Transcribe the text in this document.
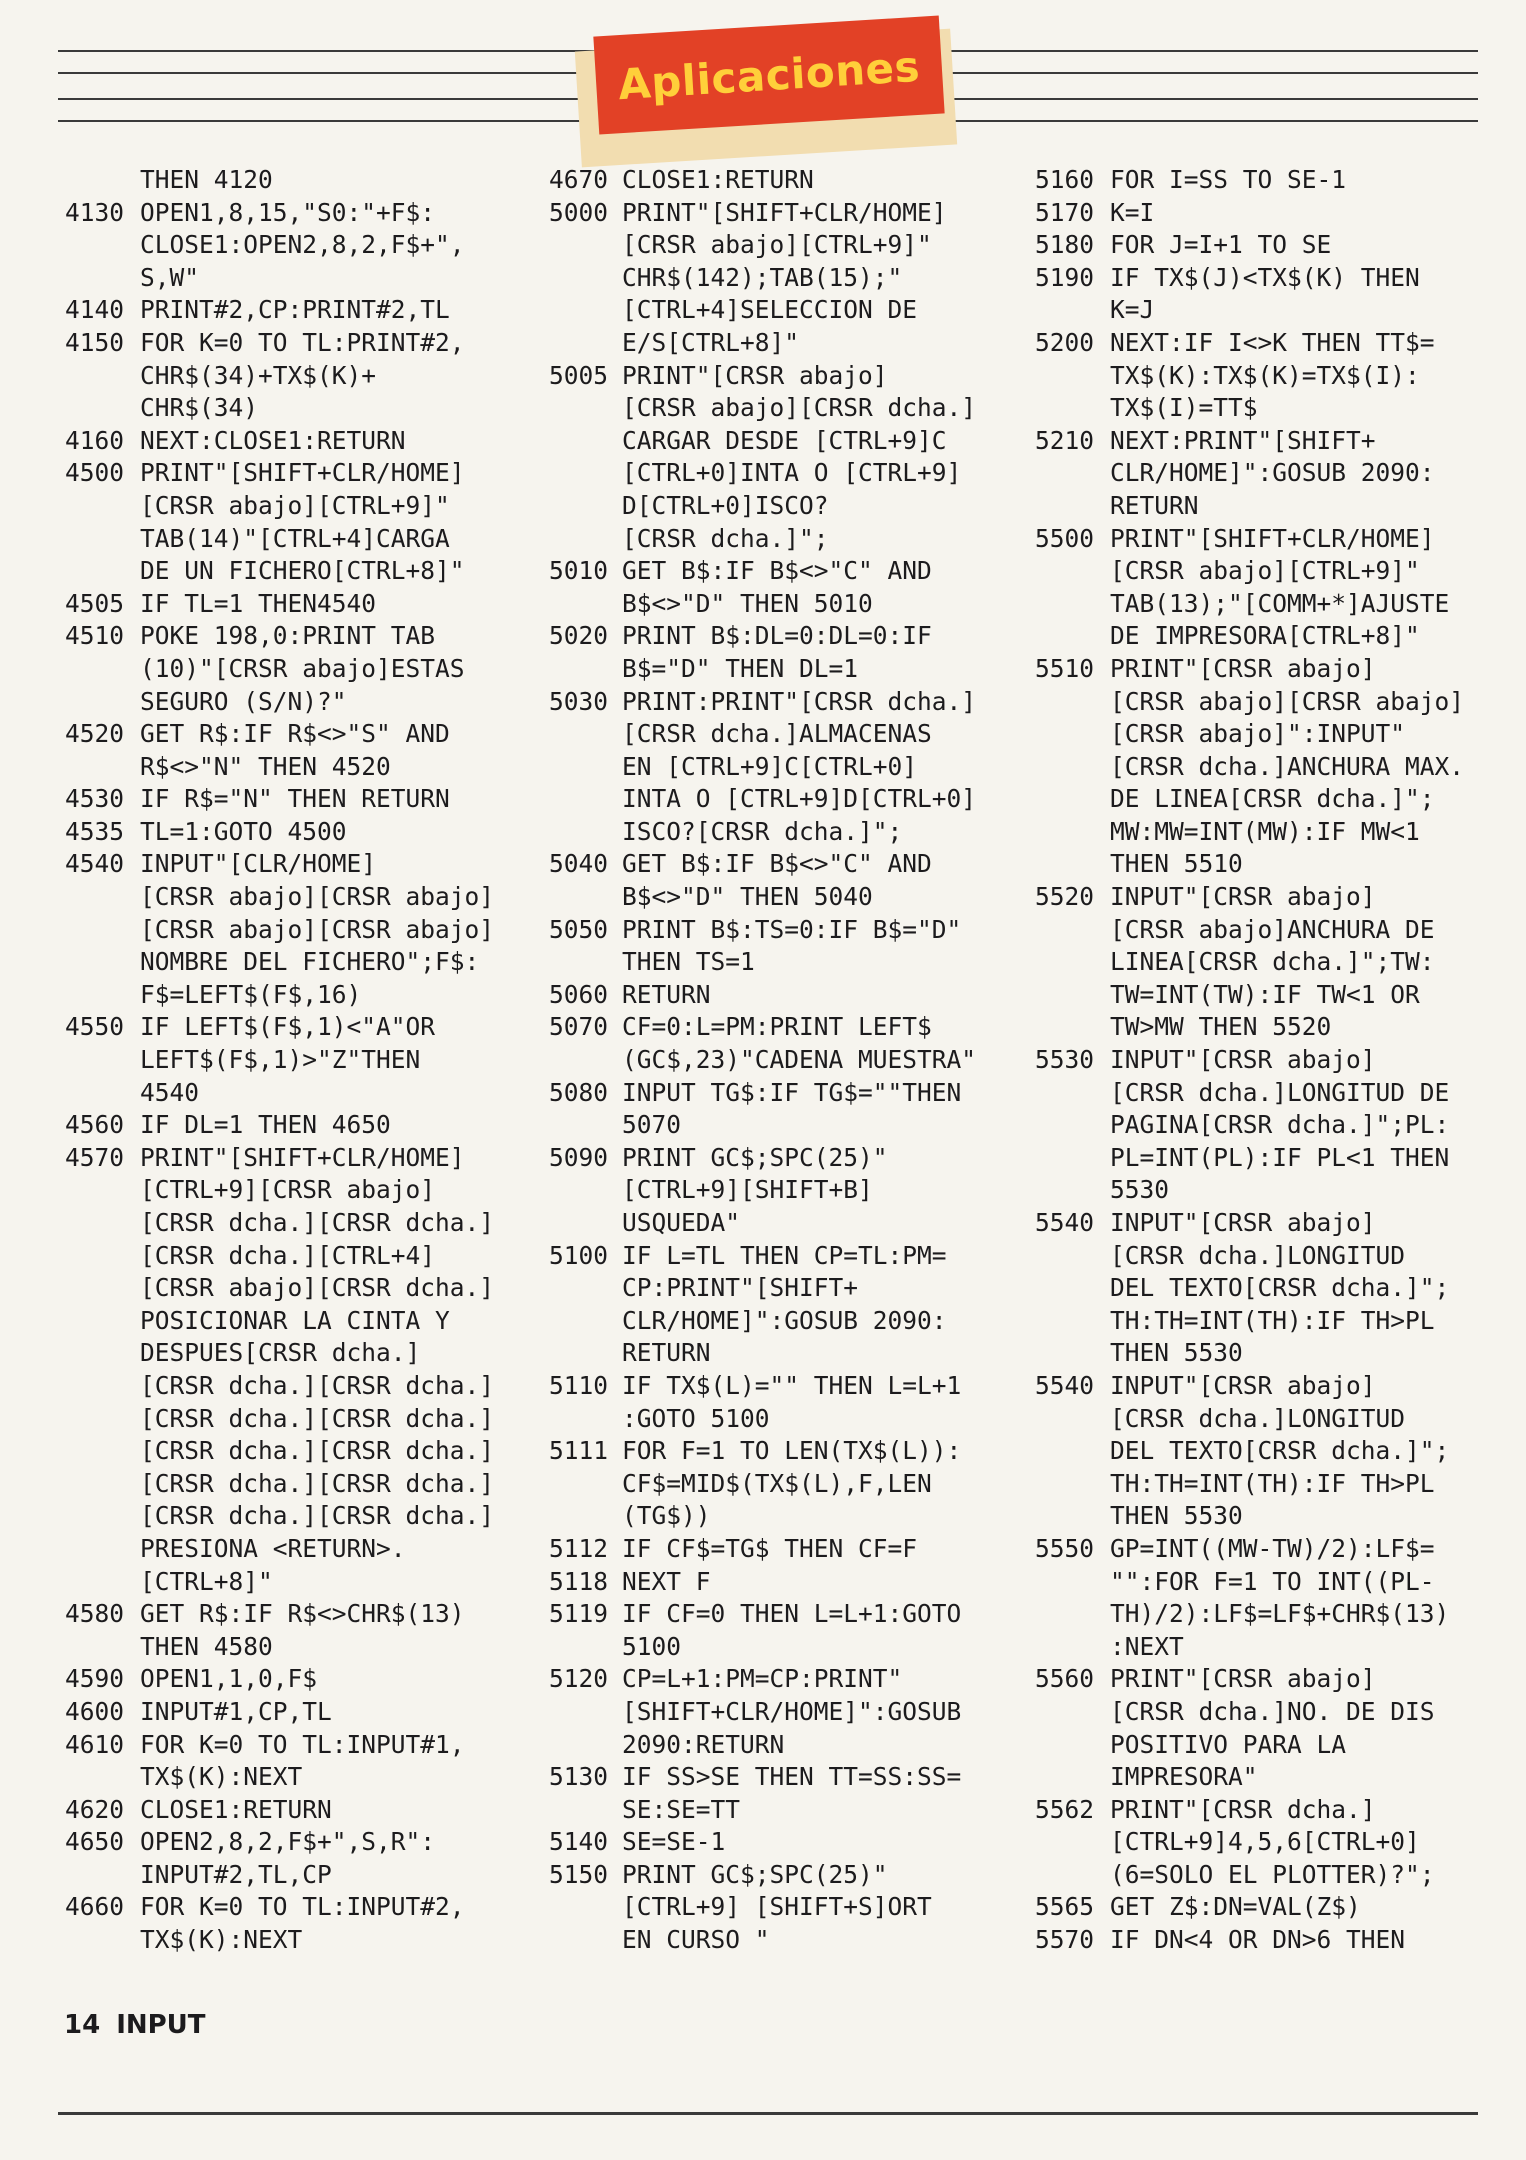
Aplicaciones
THEN 4120
4130 OPEN1,8,15,"S0:"+F$:
CLOSE1:OPEN2,8,2,F$+",
S,W"
4140 PRINT#2,CP:PRINT#2,TL
4150 FOR K=0 TO TL:PRINT#2,
CHR$(34)+TX$(K)+
CHR$(34)
4160 NEXT:CLOSE1:RETURN
4500 PRINT"[SHIFT+CLR/HOME]
[CRSR abajo][CTRL+9]"
TAB(14)"[CTRL+4]CARGA
DE UN FICHERO[CTRL+8]"
4505 IF TL=1 THEN4540
4510 POKE 198,0:PRINT TAB
(10)"[CRSR abajo]ESTAS
SEGURO (S/N)?"
4520 GET R$:IF R$<>"S" AND
R$<>"N" THEN 4520
4530 IF R$="N" THEN RETURN
4535 TL=1:GOTO 4500
4540 INPUT"[CLR/HOME]
[CRSR abajo][CRSR abajo]
[CRSR abajo][CRSR abajo]
NOMBRE DEL FICHERO";F$:
F$=LEFT$(F$,16)
4550 IF LEFT$(F$,1)<"A"OR
LEFT$(F$,1)>"Z"THEN
4540
4560 IF DL=1 THEN 4650
4570 PRINT"[SHIFT+CLR/HOME]
[CTRL+9][CRSR abajo]
[CRSR dcha.][CRSR dcha.]
[CRSR dcha.][CTRL+4]
[CRSR abajo][CRSR dcha.]
POSICIONAR LA CINTA Y
DESPUES[CRSR dcha.]
[CRSR dcha.][CRSR dcha.]
[CRSR dcha.][CRSR dcha.]
[CRSR dcha.][CRSR dcha.]
[CRSR dcha.][CRSR dcha.]
[CRSR dcha.][CRSR dcha.]
PRESIONA <RETURN>.
[CTRL+8]"
4580 GET R$:IF R$<>CHR$(13)
THEN 4580
4590 OPEN1,1,0,F$
4600 INPUT#1,CP,TL
4610 FOR K=0 TO TL:INPUT#1,
TX$(K):NEXT
4620 CLOSE1:RETURN
4650 OPEN2,8,2,F$+",S,R":
INPUT#2,TL,CP
4660 FOR K=0 TO TL:INPUT#2,
TX$(K):NEXT
4670 CLOSE1:RETURN
5000 PRINT"[SHIFT+CLR/HOME]
[CRSR abajo][CTRL+9]"
CHR$(142);TAB(15);"
[CTRL+4]SELECCION DE
E/S[CTRL+8]"
5005 PRINT"[CRSR abajo]
[CRSR abajo][CRSR dcha.]
CARGAR DESDE [CTRL+9]C
[CTRL+0]INTA O [CTRL+9]
D[CTRL+0]ISCO?
[CRSR dcha.]";
5010 GET B$:IF B$<>"C" AND
B$<>"D" THEN 5010
5020 PRINT B$:DL=0:DL=0:IF
B$="D" THEN DL=1
5030 PRINT:PRINT"[CRSR dcha.]
[CRSR dcha.]ALMACENAS
EN [CTRL+9]C[CTRL+0]
INTA O [CTRL+9]D[CTRL+0]
ISCO?[CRSR dcha.]";
5040 GET B$:IF B$<>"C" AND
B$<>"D" THEN 5040
5050 PRINT B$:TS=0:IF B$="D"
THEN TS=1
5060 RETURN
5070 CF=0:L=PM:PRINT LEFT$
(GC$,23)"CADENA MUESTRA"
5080 INPUT TG$:IF TG$=""THEN
5070
5090 PRINT GC$;SPC(25)"
[CTRL+9][SHIFT+B]
USQUEDA"
5100 IF L=TL THEN CP=TL:PM=
CP:PRINT"[SHIFT+
CLR/HOME]":GOSUB 2090:
RETURN
5110 IF TX$(L)="" THEN L=L+1
:GOTO 5100
5111 FOR F=1 TO LEN(TX$(L)):
CF$=MID$(TX$(L),F,LEN
(TG$))
5112 IF CF$=TG$ THEN CF=F
5118 NEXT F
5119 IF CF=0 THEN L=L+1:GOTO
5100
5120 CP=L+1:PM=CP:PRINT"
[SHIFT+CLR/HOME]":GOSUB
2090:RETURN
5130 IF SS>SE THEN TT=SS:SS=
SE:SE=TT
5140 SE=SE-1
5150 PRINT GC$;SPC(25)"
[CTRL+9] [SHIFT+S]ORT
EN CURSO "
5160 FOR I=SS TO SE-1
5170 K=I
5180 FOR J=I+1 TO SE
5190 IF TX$(J)<TX$(K) THEN
K=J
5200 NEXT:IF I<>K THEN TT$=
TX$(K):TX$(K)=TX$(I):
TX$(I)=TT$
5210 NEXT:PRINT"[SHIFT+
CLR/HOME]":GOSUB 2090:
RETURN
5500 PRINT"[SHIFT+CLR/HOME]
[CRSR abajo][CTRL+9]"
TAB(13);"[COMM+*]AJUSTE
DE IMPRESORA[CTRL+8]"
5510 PRINT"[CRSR abajo]
[CRSR abajo][CRSR abajo]
[CRSR abajo]":INPUT"
[CRSR dcha.]ANCHURA MAX.
DE LINEA[CRSR dcha.]";
MW:MW=INT(MW):IF MW<1
THEN 5510
5520 INPUT"[CRSR abajo]
[CRSR abajo]ANCHURA DE
LINEA[CRSR dcha.]";TW:
TW=INT(TW):IF TW<1 OR
TW>MW THEN 5520
5530 INPUT"[CRSR abajo]
[CRSR dcha.]LONGITUD DE
PAGINA[CRSR dcha.]";PL:
PL=INT(PL):IF PL<1 THEN
5530
5540 INPUT"[CRSR abajo]
[CRSR dcha.]LONGITUD
DEL TEXTO[CRSR dcha.]";
TH:TH=INT(TH):IF TH>PL
THEN 5530
5540 INPUT"[CRSR abajo]
[CRSR dcha.]LONGITUD
DEL TEXTO[CRSR dcha.]";
TH:TH=INT(TH):IF TH>PL
THEN 5530
5550 GP=INT((MW-TW)/2):LF$=
"":FOR F=1 TO INT((PL-
TH)/2):LF$=LF$+CHR$(13)
:NEXT
5560 PRINT"[CRSR abajo]
[CRSR dcha.]NO. DE DIS
POSITIVO PARA LA
IMPRESORA"
5562 PRINT"[CRSR dcha.]
[CTRL+9]4,5,6[CTRL+0]
(6=SOLO EL PLOTTER)?";
5565 GET Z$:DN=VAL(Z$)
5570 IF DN<4 OR DN>6 THEN
14 INPUT
